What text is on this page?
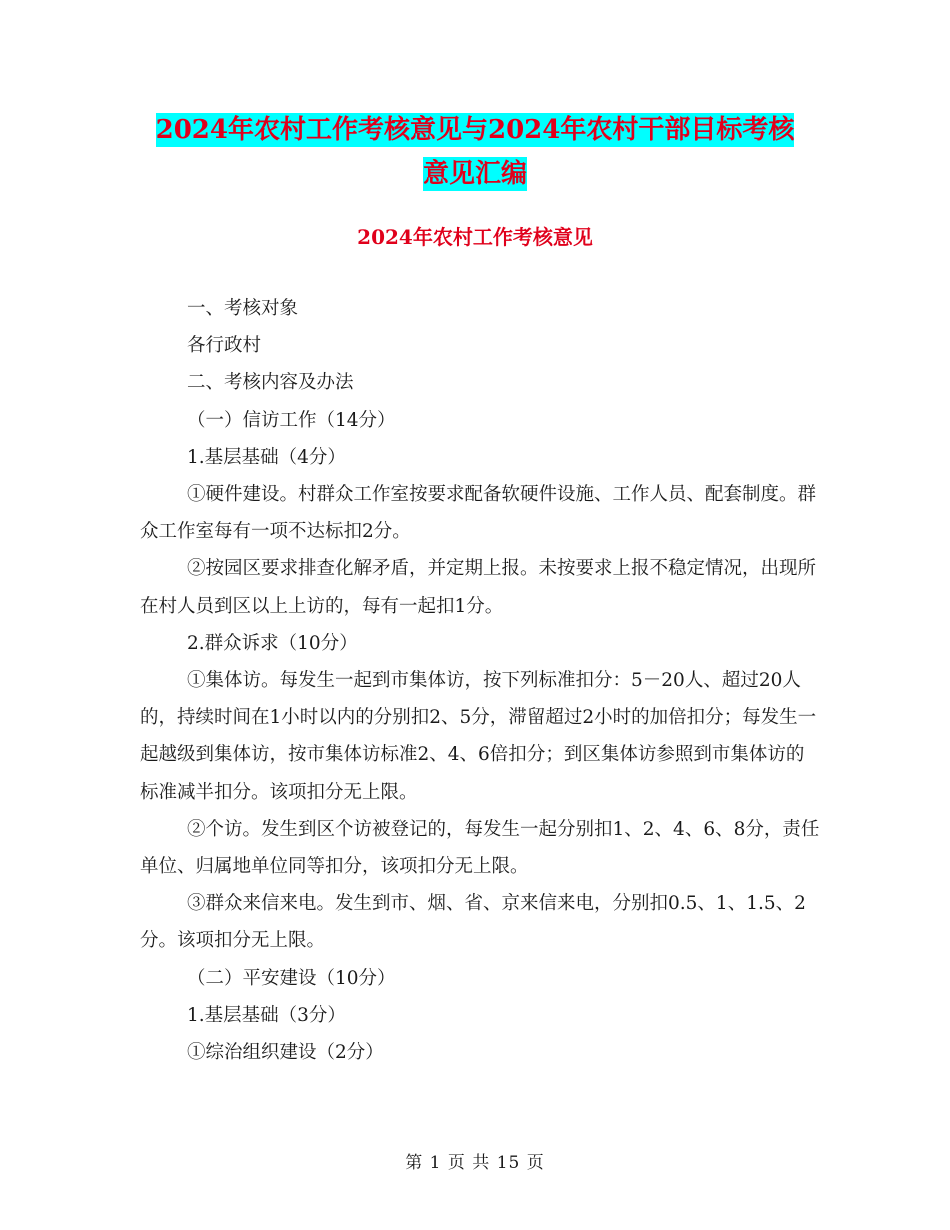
2024年农村工作考核意见与2024年农村干部目标考核
意见汇编
2024年农村工作考核意见

一、考核对象

各行政村

二、考核内容及办法

（一）信访工作（14分）

1.基层基础（4分）

①硬件建设。村群众工作室按要求配备软硬件设施、工作人员、配套制度。群众工作室每有一项不达标扣2分。

②按园区要求排查化解矛盾，并定期上报。未按要求上报不稳定情况，出现所在村人员到区以上上访的，每有一起扣1分。

2.群众诉求（10分）

①集体访。每发生一起到市集体访，按下列标准扣分：5－20人、超过20人的，持续时间在1小时以内的分别扣2、5分，滞留超过2小时的加倍扣分；每发生一起越级到集体访，按市集体访标准2、4、6倍扣分；到区集体访参照到市集体访的标准减半扣分。该项扣分无上限。

②个访。发生到区个访被登记的，每发生一起分别扣1、2、4、6、8分，责任单位、归属地单位同等扣分，该项扣分无上限。

③群众来信来电。发生到市、烟、省、京来信来电，分别扣0.5、1、1.5、2分。该项扣分无上限。

（二）平安建设（10分）

1.基层基础（3分）

①综治组织建设（2分）

第 1 页 共 15 页
